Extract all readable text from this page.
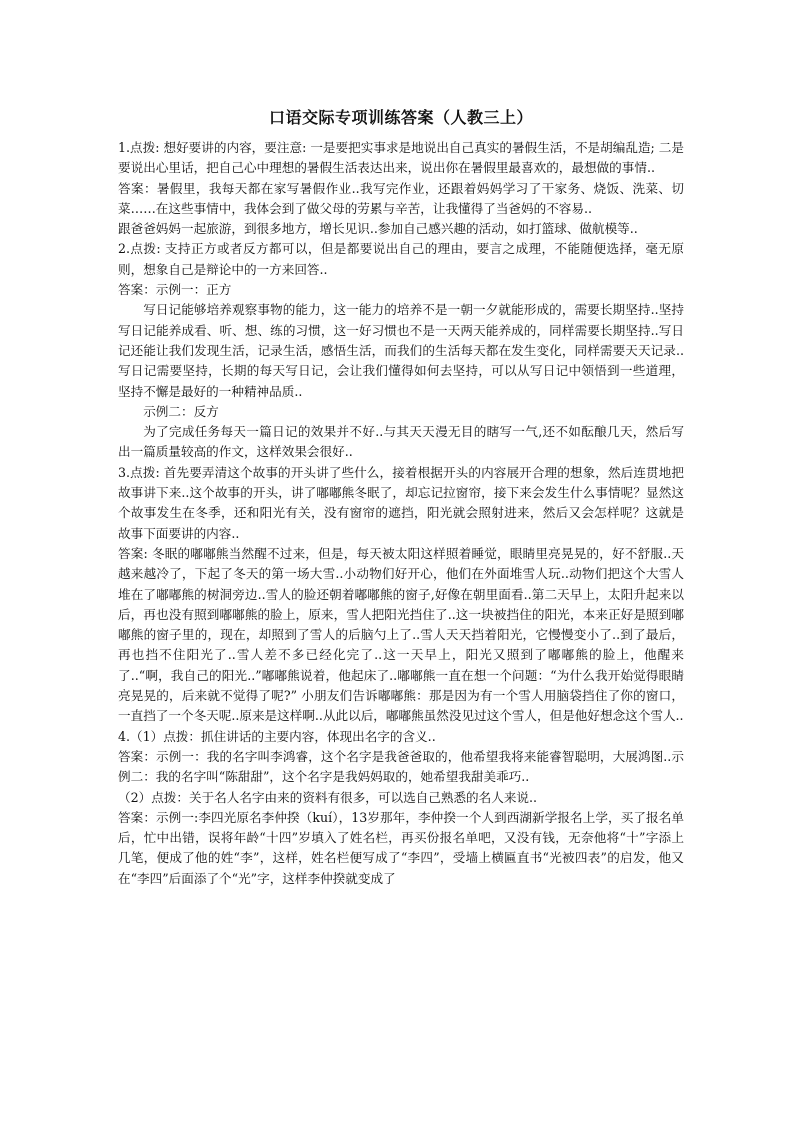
口语交际专项训练答案（人教三上）

1.点拨: 想好要讲的内容，要注意: 一是要把实事求是地说出自己真实的暑假生活，不是胡编乱造; 二是要说出心里话，把自己心中理想的暑假生活表达出来，说出你在暑假里最喜欢的，最想做的事情..

答案：暑假里，我每天都在家写暑假作业..我写完作业，还跟着妈妈学习了干家务、烧饭、洗菜、切菜……在这些事情中，我体会到了做父母的劳累与辛苦，让我懂得了当爸妈的不容易..

跟爸爸妈妈一起旅游，到很多地方，增长见识..参加自己感兴趣的活动，如打篮球、做航模等..

2.点拨: 支持正方或者反方都可以，但是都要说出自己的理由，要言之成理，不能随便选择，毫无原则，想象自己是辩论中的一方来回答..

答案：示例一：正方

写日记能够培养观察事物的能力，这一能力的培养不是一朝一夕就能形成的，需要长期坚持..坚持写日记能养成看、听、想、练的习惯，这一好习惯也不是一天两天能养成的，同样需要长期坚持..写日记还能让我们发现生活，记录生活，感悟生活，而我们的生活每天都在发生变化，同样需要天天记录..写日记需要坚持，长期的每天写日记，会让我们懂得如何去坚持，可以从写日记中领悟到一些道理，坚持不懈是最好的一种精神品质..

示例二：反方

为了完成任务每天一篇日记的效果并不好..与其天天漫无目的瞎写一气,还不如酝酿几天，然后写出一篇质量较高的作文，这样效果会很好..

3.点拨: 首先要弄清这个故事的开头讲了些什么，接着根据开头的内容展开合理的想象，然后连贯地把故事讲下来..这个故事的开头，讲了嘟嘟熊冬眠了，却忘记拉窗帘，接下来会发生什么事情呢？显然这个故事发生在冬季，还和阳光有关，没有窗帘的遮挡，阳光就会照射进来，然后又会怎样呢？这就是故事下面要讲的内容..

答案: 冬眠的嘟嘟熊当然醒不过来，但是，每天被太阳这样照着睡觉，眼睛里亮晃晃的，好不舒服..天越来越冷了，下起了冬天的第一场大雪..小动物们好开心，他们在外面堆雪人玩..动物们把这个大雪人堆在了嘟嘟熊的树洞旁边..雪人的脸还朝着嘟嘟熊的窗子,好像在朝里面看..第二天早上，太阳升起来以后，再也没有照到嘟嘟熊的脸上，原来，雪人把阳光挡住了..这一块被挡住的阳光，本来正好是照到嘟嘟熊的窗子里的，现在，却照到了雪人的后脑勺上了..雪人天天挡着阳光，它慢慢变小了..到了最后，再也挡不住阳光了..雪人差不多已经化完了..这一天早上，阳光又照到了嘟嘟熊的脸上，他醒来了..“啊，我自己的阳光..”嘟嘟熊说着，他起床了..嘟嘟熊一直在想一个问题：“为什么我开始觉得眼睛亮晃晃的，后来就不觉得了呢?” 小朋友们告诉嘟嘟熊：那是因为有一个雪人用脑袋挡住了你的窗口，一直挡了一个冬天呢..原来是这样啊..从此以后，嘟嘟熊虽然没见过这个雪人，但是他好想念这个雪人..

4.（1）点拨：抓住讲话的主要内容，体现出名字的含义..

答案：示例一：我的名字叫李鸿睿，这个名字是我爸爸取的，他希望我将来能睿智聪明，大展鸿图..示例二：我的名字叫“陈甜甜”，这个名字是我妈妈取的，她希望我甜美乖巧..

（2）点拨：关于名人名字由来的资料有很多，可以选自己熟悉的名人来说..

答案：示例一:李四光原名李仲揆（kuí），13岁那年，李仲揆一个人到西湖新学报名上学，买了报名单后，忙中出错，误将年龄“十四”岁填入了姓名栏，再买份报名单吧，又没有钱，无奈他将“十”字添上几笔，便成了他的姓“李”，这样，姓名栏便写成了“李四”，受墙上横匾直书“光被四表”的启发，他又在“李四”后面添了个“光”字，这样李仲揆就变成了
